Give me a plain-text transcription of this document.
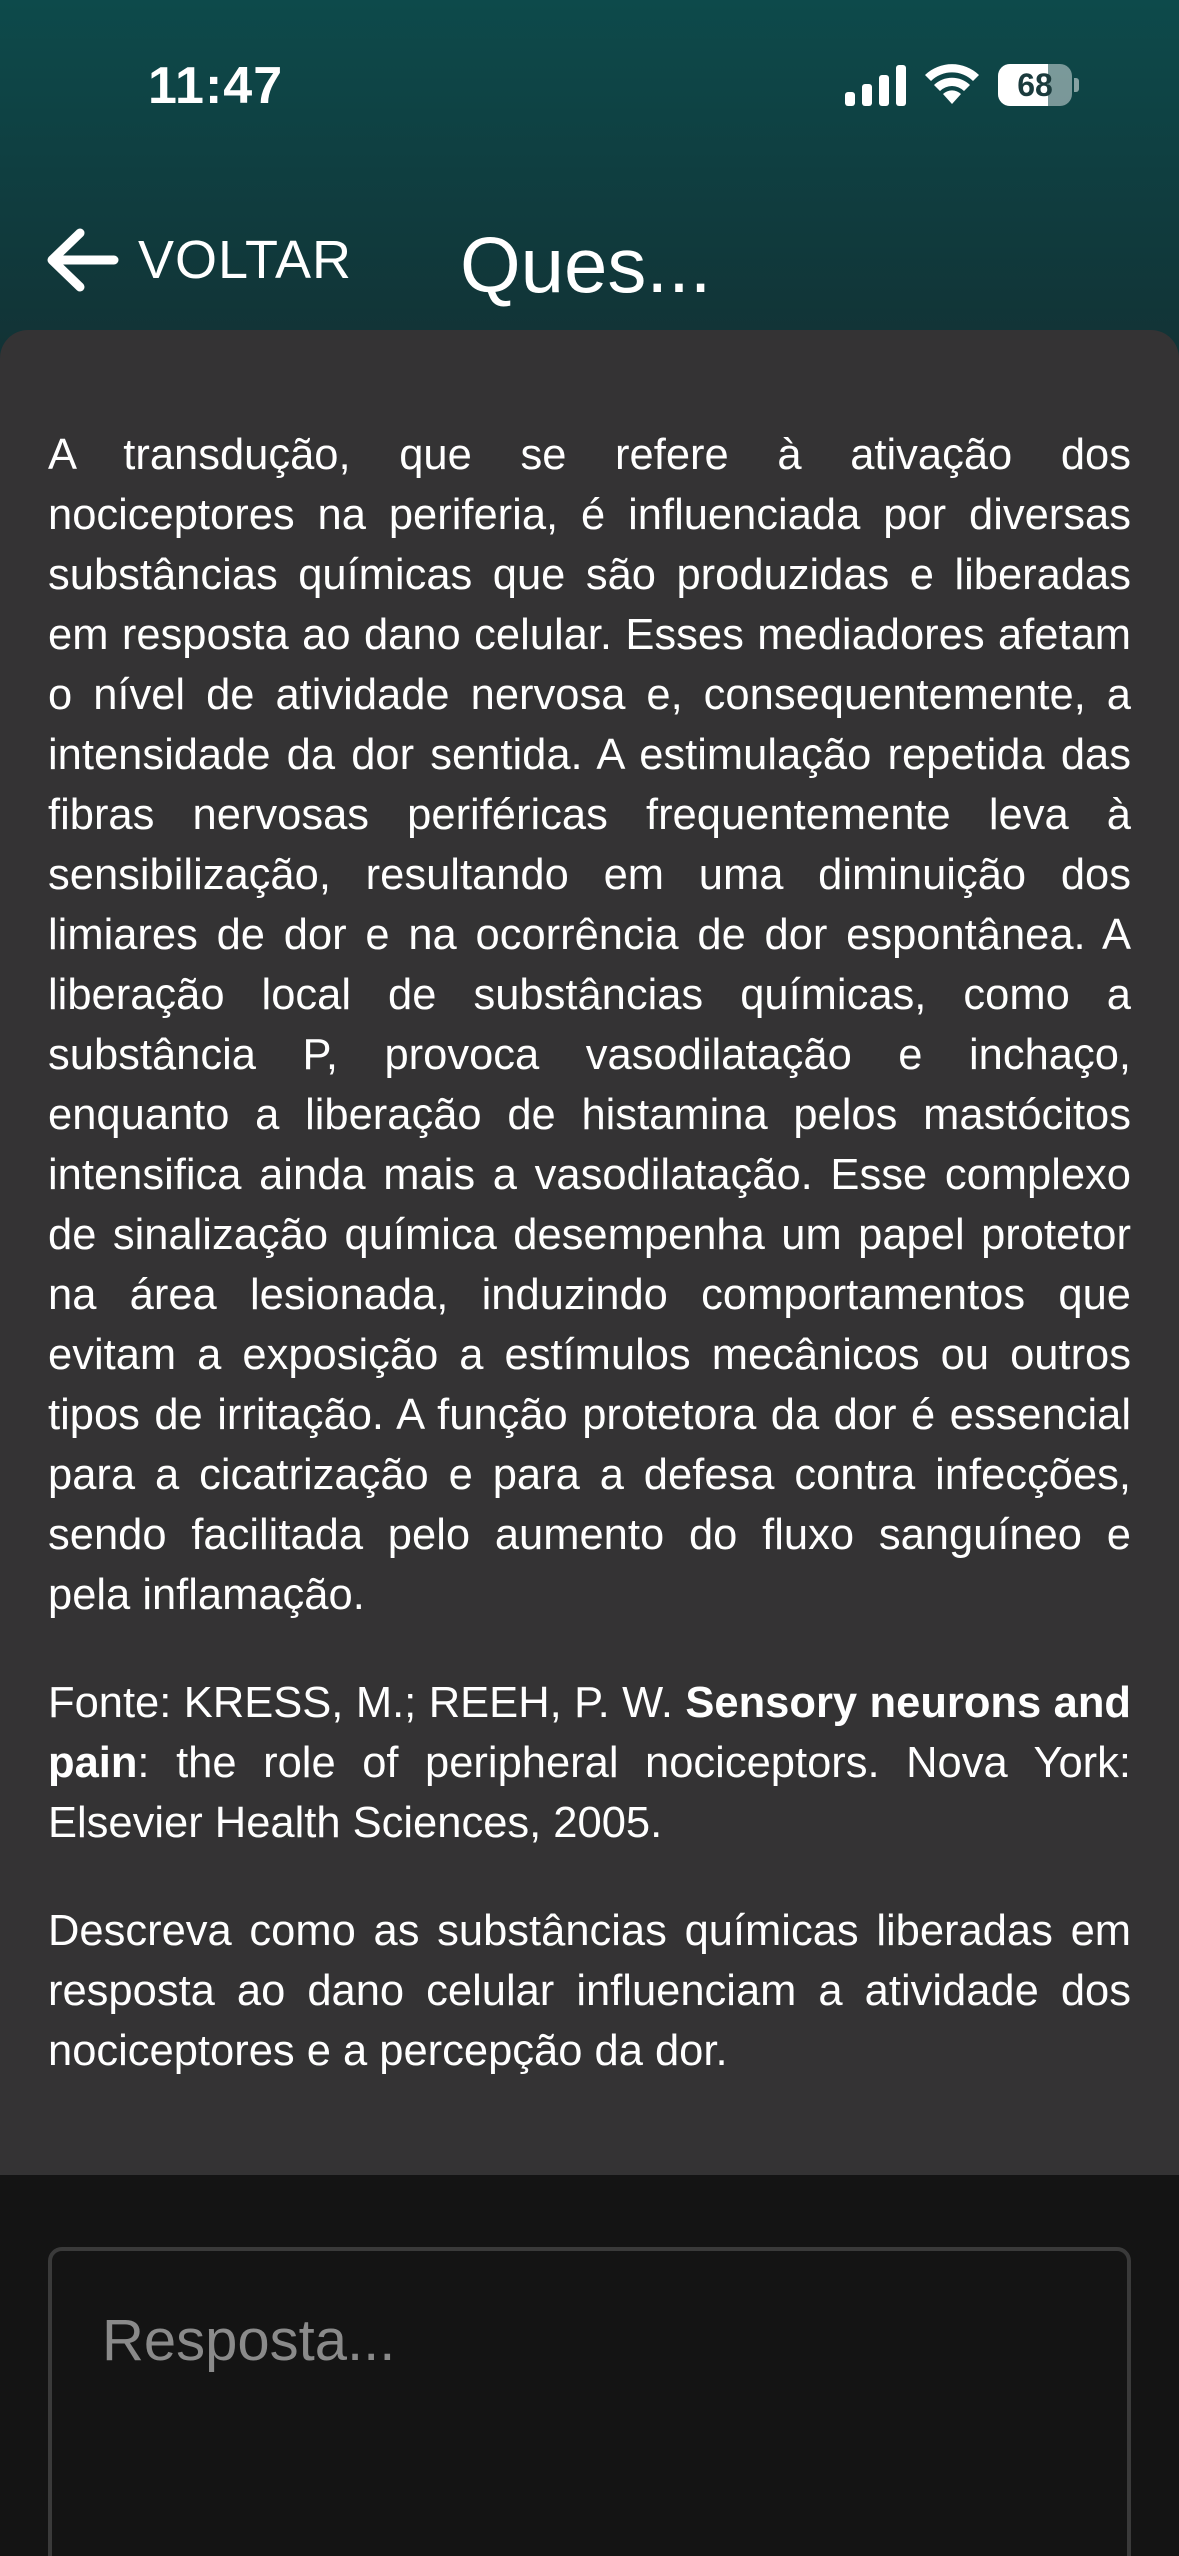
11:47	68
VOLTAR Ques...

A transdução, que se refere à ativação dos nociceptores na periferia, é influenciada por diversas substâncias químicas que são produzidas e liberadas em resposta ao dano celular. Esses mediadores afetam o nível de atividade nervosa e, consequentemente, a intensidade da dor sentida. A estimulação repetida das fibras nervosas periféricas frequentemente leva à sensibilização, resultando em uma diminuição dos limiares de dor e na ocorrência de dor espontânea. A liberação local de substâncias químicas, como a substância P, provoca vasodilatação e inchaço, enquanto a liberação de histamina pelos mastócitos intensifica ainda mais a vasodilatação. Esse complexo de sinalização química desempenha um papel protetor na área lesionada, induzindo comportamentos que evitam a exposição a estímulos mecânicos ou outros tipos de irritação. A função protetora da dor é essencial para a cicatrização e para a defesa contra infecções, sendo facilitada pelo aumento do fluxo sanguíneo e pela inflamação.

Fonte: KRESS, M.; REEH, P. W. Sensory neurons and pain: the role of peripheral nociceptors. Nova York: Elsevier Health Sciences, 2005.

Descreva como as substâncias químicas liberadas em resposta ao dano celular influenciam a atividade dos nociceptores e a percepção da dor.

Resposta...
